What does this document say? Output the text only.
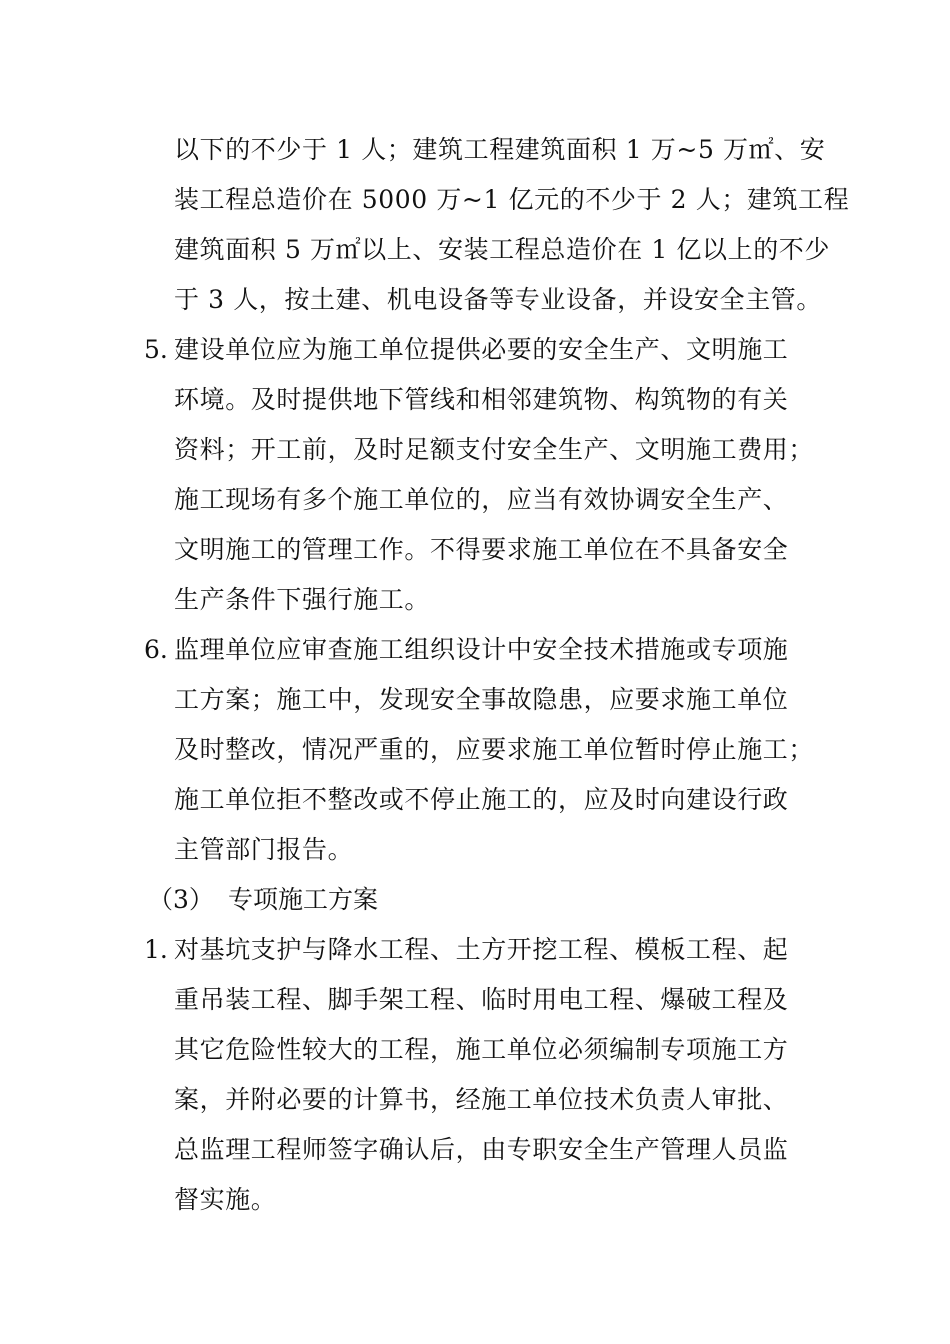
以下的不少于 1 人；建筑工程建筑面积 1 万~5 万㎡、安
装工程总造价在 5000 万~1 亿元的不少于 2 人；建筑工程
建筑面积 5 万㎡以上、安装工程总造价在 1 亿以上的不少
于 3 人，按土建、机电设备等专业设备，并设安全主管。
5. 建设单位应为施工单位提供必要的安全生产、文明施工
环境。及时提供地下管线和相邻建筑物、构筑物的有关
资料；开工前，及时足额支付安全生产、文明施工费用；
施工现场有多个施工单位的，应当有效协调安全生产、
文明施工的管理工作。不得要求施工单位在不具备安全
生产条件下强行施工。
6. 监理单位应审查施工组织设计中安全技术措施或专项施
工方案；施工中，发现安全事故隐患，应要求施工单位
及时整改，情况严重的，应要求施工单位暂时停止施工；
施工单位拒不整改或不停止施工的，应及时向建设行政
主管部门报告。
（3） 专项施工方案
1. 对基坑支护与降水工程、土方开挖工程、模板工程、起
重吊装工程、脚手架工程、临时用电工程、爆破工程及
其它危险性较大的工程，施工单位必须编制专项施工方
案，并附必要的计算书，经施工单位技术负责人审批、
总监理工程师签字确认后，由专职安全生产管理人员监
督实施。
